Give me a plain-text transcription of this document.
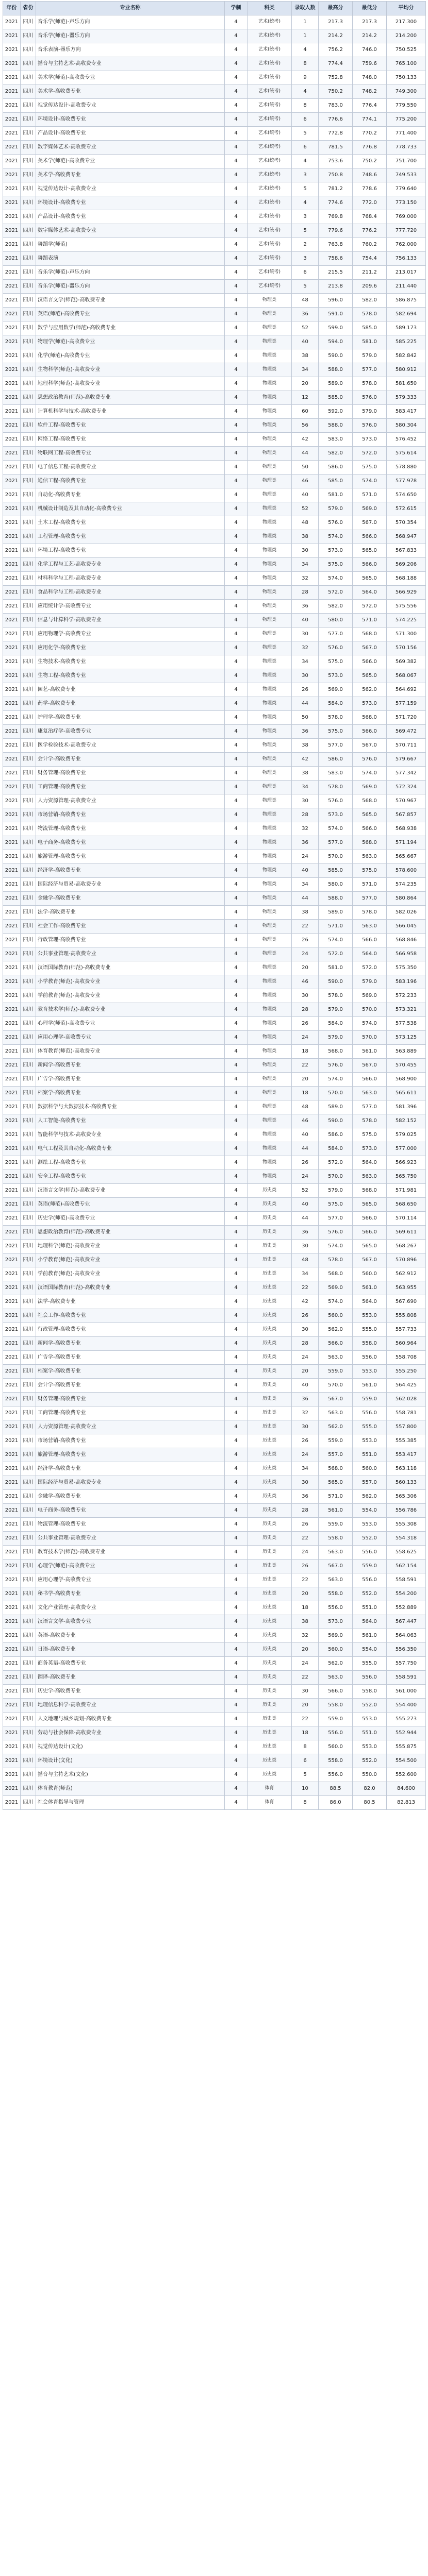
年份	省份	专业名称	学制	科类	录取人数	最高分	最低分	平均分
2021	四川	音乐学(师范)-声乐方向	4	艺术(统考)	1	217.3	217.3	217.300
2021	四川	音乐学(师范)-器乐方向	4	艺术(统考)	1	214.2	214.2	214.200
2021	四川	音乐表演-器乐方向	4	艺术(统考)	4	756.2	746.0	750.525
2021	四川	播音与主持艺术-高收费专业	4	艺术(统考)	8	774.4	759.6	765.100
2021	四川	美术学(师范)-高收费专业	4	艺术(统考)	9	752.8	748.0	750.133
2021	四川	美术学-高收费专业	4	艺术(统考)	4	750.2	748.2	749.300
2021	四川	视觉传达设计-高收费专业	4	艺术(统考)	8	783.0	776.4	779.550
2021	四川	环境设计-高收费专业	4	艺术(统考)	6	776.6	774.1	775.200
2021	四川	产品设计-高收费专业	4	艺术(统考)	5	772.8	770.2	771.400
2021	四川	数字媒体艺术-高收费专业	4	艺术(统考)	6	781.5	776.8	778.733
2021	四川	美术学(师范)-高收费专业	4	艺术(统考)	4	753.6	750.2	751.700
2021	四川	美术学-高收费专业	4	艺术(统考)	3	750.8	748.6	749.533
2021	四川	视觉传达设计-高收费专业	4	艺术(统考)	5	781.2	778.6	779.640
2021	四川	环境设计-高收费专业	4	艺术(统考)	4	774.6	772.0	773.150
2021	四川	产品设计-高收费专业	4	艺术(统考)	3	769.8	768.4	769.000
2021	四川	数字媒体艺术-高收费专业	4	艺术(统考)	5	779.6	776.2	777.720
2021	四川	舞蹈学(师范)	4	艺术(统考)	2	763.8	760.2	762.000
2021	四川	舞蹈表演	4	艺术(统考)	3	758.6	754.4	756.133
2021	四川	音乐学(师范)-声乐方向	4	艺术(统考)	6	215.5	211.2	213.017
2021	四川	音乐学(师范)-器乐方向	4	艺术(统考)	5	213.8	209.6	211.440
2021	四川	汉语言文学(师范)-高收费专业	4	物理类	48	596.0	582.0	586.875
2021	四川	英语(师范)-高收费专业	4	物理类	36	591.0	578.0	582.694
2021	四川	数学与应用数学(师范)-高收费专业	4	物理类	52	599.0	585.0	589.173
2021	四川	物理学(师范)-高收费专业	4	物理类	40	594.0	581.0	585.225
2021	四川	化学(师范)-高收费专业	4	物理类	38	590.0	579.0	582.842
2021	四川	生物科学(师范)-高收费专业	4	物理类	34	588.0	577.0	580.912
2021	四川	地理科学(师范)-高收费专业	4	物理类	20	589.0	578.0	581.650
2021	四川	思想政治教育(师范)-高收费专业	4	物理类	12	585.0	576.0	579.333
2021	四川	计算机科学与技术-高收费专业	4	物理类	60	592.0	579.0	583.417
2021	四川	软件工程-高收费专业	4	物理类	56	588.0	576.0	580.304
2021	四川	网络工程-高收费专业	4	物理类	42	583.0	573.0	576.452
2021	四川	物联网工程-高收费专业	4	物理类	44	582.0	572.0	575.614
2021	四川	电子信息工程-高收费专业	4	物理类	50	586.0	575.0	578.880
2021	四川	通信工程-高收费专业	4	物理类	46	585.0	574.0	577.978
2021	四川	自动化-高收费专业	4	物理类	40	581.0	571.0	574.650
2021	四川	机械设计制造及其自动化-高收费专业	4	物理类	52	579.0	569.0	572.615
2021	四川	土木工程-高收费专业	4	物理类	48	576.0	567.0	570.354
2021	四川	工程管理-高收费专业	4	物理类	38	574.0	566.0	568.947
2021	四川	环境工程-高收费专业	4	物理类	30	573.0	565.0	567.833
2021	四川	化学工程与工艺-高收费专业	4	物理类	34	575.0	566.0	569.206
2021	四川	材料科学与工程-高收费专业	4	物理类	32	574.0	565.0	568.188
2021	四川	食品科学与工程-高收费专业	4	物理类	28	572.0	564.0	566.929
2021	四川	应用统计学-高收费专业	4	物理类	36	582.0	572.0	575.556
2021	四川	信息与计算科学-高收费专业	4	物理类	40	580.0	571.0	574.225
2021	四川	应用物理学-高收费专业	4	物理类	30	577.0	568.0	571.300
2021	四川	应用化学-高收费专业	4	物理类	32	576.0	567.0	570.156
2021	四川	生物技术-高收费专业	4	物理类	34	575.0	566.0	569.382
2021	四川	生物工程-高收费专业	4	物理类	30	573.0	565.0	568.067
2021	四川	园艺-高收费专业	4	物理类	26	569.0	562.0	564.692
2021	四川	药学-高收费专业	4	物理类	44	584.0	573.0	577.159
2021	四川	护理学-高收费专业	4	物理类	50	578.0	568.0	571.720
2021	四川	康复治疗学-高收费专业	4	物理类	36	575.0	566.0	569.472
2021	四川	医学检验技术-高收费专业	4	物理类	38	577.0	567.0	570.711
2021	四川	会计学-高收费专业	4	物理类	42	586.0	576.0	579.667
2021	四川	财务管理-高收费专业	4	物理类	38	583.0	574.0	577.342
2021	四川	工商管理-高收费专业	4	物理类	34	578.0	569.0	572.324
2021	四川	人力资源管理-高收费专业	4	物理类	30	576.0	568.0	570.967
2021	四川	市场营销-高收费专业	4	物理类	28	573.0	565.0	567.857
2021	四川	物流管理-高收费专业	4	物理类	32	574.0	566.0	568.938
2021	四川	电子商务-高收费专业	4	物理类	36	577.0	568.0	571.194
2021	四川	旅游管理-高收费专业	4	物理类	24	570.0	563.0	565.667
2021	四川	经济学-高收费专业	4	物理类	40	585.0	575.0	578.600
2021	四川	国际经济与贸易-高收费专业	4	物理类	34	580.0	571.0	574.235
2021	四川	金融学-高收费专业	4	物理类	44	588.0	577.0	580.864
2021	四川	法学-高收费专业	4	物理类	38	589.0	578.0	582.026
2021	四川	社会工作-高收费专业	4	物理类	22	571.0	563.0	566.045
2021	四川	行政管理-高收费专业	4	物理类	26	574.0	566.0	568.846
2021	四川	公共事业管理-高收费专业	4	物理类	24	572.0	564.0	566.958
2021	四川	汉语国际教育(师范)-高收费专业	4	物理类	20	581.0	572.0	575.350
2021	四川	小学教育(师范)-高收费专业	4	物理类	46	590.0	579.0	583.196
2021	四川	学前教育(师范)-高收费专业	4	物理类	30	578.0	569.0	572.233
2021	四川	教育技术学(师范)-高收费专业	4	物理类	28	579.0	570.0	573.321
2021	四川	心理学(师范)-高收费专业	4	物理类	26	584.0	574.0	577.538
2021	四川	应用心理学-高收费专业	4	物理类	24	579.0	570.0	573.125
2021	四川	体育教育(师范)-高收费专业	4	物理类	18	568.0	561.0	563.889
2021	四川	新闻学-高收费专业	4	物理类	22	576.0	567.0	570.455
2021	四川	广告学-高收费专业	4	物理类	20	574.0	566.0	568.900
2021	四川	档案学-高收费专业	4	物理类	18	570.0	563.0	565.611
2021	四川	数据科学与大数据技术-高收费专业	4	物理类	48	589.0	577.0	581.396
2021	四川	人工智能-高收费专业	4	物理类	46	590.0	578.0	582.152
2021	四川	智能科学与技术-高收费专业	4	物理类	40	586.0	575.0	579.025
2021	四川	电气工程及其自动化-高收费专业	4	物理类	44	584.0	573.0	577.000
2021	四川	测绘工程-高收费专业	4	物理类	26	572.0	564.0	566.923
2021	四川	安全工程-高收费专业	4	物理类	24	570.0	563.0	565.750
2021	四川	汉语言文学(师范)-高收费专业	4	历史类	52	579.0	568.0	571.981
2021	四川	英语(师范)-高收费专业	4	历史类	40	575.0	565.0	568.650
2021	四川	历史学(师范)-高收费专业	4	历史类	44	577.0	566.0	570.114
2021	四川	思想政治教育(师范)-高收费专业	4	历史类	36	576.0	566.0	569.611
2021	四川	地理科学(师范)-高收费专业	4	历史类	30	574.0	565.0	568.267
2021	四川	小学教育(师范)-高收费专业	4	历史类	48	578.0	567.0	570.896
2021	四川	学前教育(师范)-高收费专业	4	历史类	34	568.0	560.0	562.912
2021	四川	汉语国际教育(师范)-高收费专业	4	历史类	22	569.0	561.0	563.955
2021	四川	法学-高收费专业	4	历史类	42	574.0	564.0	567.690
2021	四川	社会工作-高收费专业	4	历史类	26	560.0	553.0	555.808
2021	四川	行政管理-高收费专业	4	历史类	30	562.0	555.0	557.733
2021	四川	新闻学-高收费专业	4	历史类	28	566.0	558.0	560.964
2021	四川	广告学-高收费专业	4	历史类	24	563.0	556.0	558.708
2021	四川	档案学-高收费专业	4	历史类	20	559.0	553.0	555.250
2021	四川	会计学-高收费专业	4	历史类	40	570.0	561.0	564.425
2021	四川	财务管理-高收费专业	4	历史类	36	567.0	559.0	562.028
2021	四川	工商管理-高收费专业	4	历史类	32	563.0	556.0	558.781
2021	四川	人力资源管理-高收费专业	4	历史类	30	562.0	555.0	557.800
2021	四川	市场营销-高收费专业	4	历史类	26	559.0	553.0	555.385
2021	四川	旅游管理-高收费专业	4	历史类	24	557.0	551.0	553.417
2021	四川	经济学-高收费专业	4	历史类	34	568.0	560.0	563.118
2021	四川	国际经济与贸易-高收费专业	4	历史类	30	565.0	557.0	560.133
2021	四川	金融学-高收费专业	4	历史类	36	571.0	562.0	565.306
2021	四川	电子商务-高收费专业	4	历史类	28	561.0	554.0	556.786
2021	四川	物流管理-高收费专业	4	历史类	26	559.0	553.0	555.308
2021	四川	公共事业管理-高收费专业	4	历史类	22	558.0	552.0	554.318
2021	四川	教育技术学(师范)-高收费专业	4	历史类	24	563.0	556.0	558.625
2021	四川	心理学(师范)-高收费专业	4	历史类	26	567.0	559.0	562.154
2021	四川	应用心理学-高收费专业	4	历史类	22	563.0	556.0	558.591
2021	四川	秘书学-高收费专业	4	历史类	20	558.0	552.0	554.200
2021	四川	文化产业管理-高收费专业	4	历史类	18	556.0	551.0	552.889
2021	四川	汉语言文学-高收费专业	4	历史类	38	573.0	564.0	567.447
2021	四川	英语-高收费专业	4	历史类	32	569.0	561.0	564.063
2021	四川	日语-高收费专业	4	历史类	20	560.0	554.0	556.350
2021	四川	商务英语-高收费专业	4	历史类	24	562.0	555.0	557.750
2021	四川	翻译-高收费专业	4	历史类	22	563.0	556.0	558.591
2021	四川	历史学-高收费专业	4	历史类	30	566.0	558.0	561.000
2021	四川	地理信息科学-高收费专业	4	历史类	20	558.0	552.0	554.400
2021	四川	人文地理与城乡规划-高收费专业	4	历史类	22	559.0	553.0	555.273
2021	四川	劳动与社会保障-高收费专业	4	历史类	18	556.0	551.0	552.944
2021	四川	视觉传达设计(文化)	4	历史类	8	560.0	553.0	555.875
2021	四川	环境设计(文化)	4	历史类	6	558.0	552.0	554.500
2021	四川	播音与主持艺术(文化)	4	历史类	5	556.0	550.0	552.600
2021	四川	体育教育(师范)	4	体育	10	88.5	82.0	84.600
2021	四川	社会体育指导与管理	4	体育	8	86.0	80.5	82.813
